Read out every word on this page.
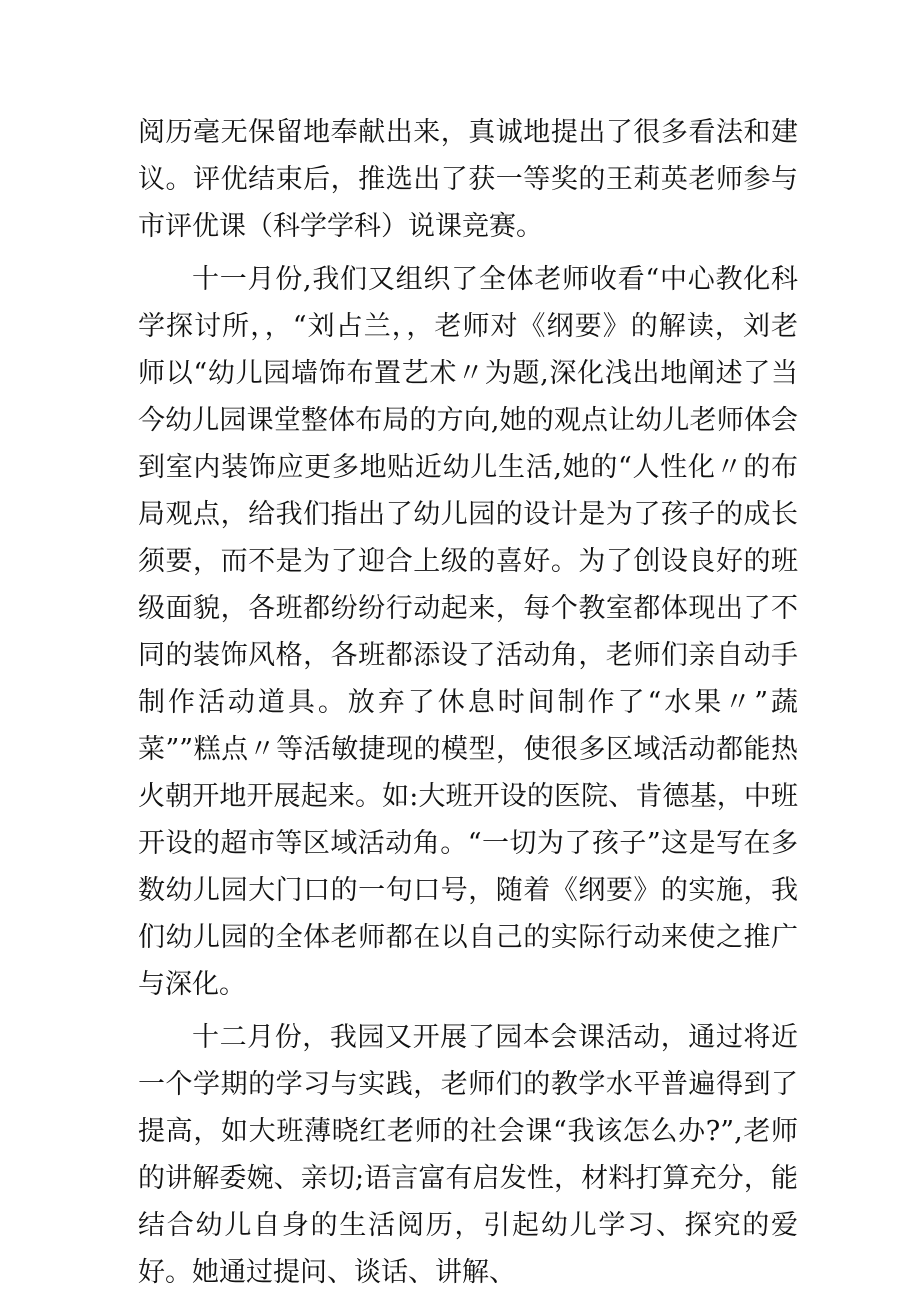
阅历毫无保留地奉献出来，真诚地提出了很多看法和建议。评优结束后，推选出了获一等奖的王莉英老师参与市评优课（科学学科）说课竞赛。

十一月份,我们又组织了全体老师收看“中心教化科学探讨所，，“刘占兰，，老师对《纲要》的解读，刘老师以“幼儿园墙饰布置艺术〃为题,深化浅出地阐述了当今幼儿园课堂整体布局的方向,她的观点让幼儿老师体会到室内装饰应更多地贴近幼儿生活,她的“人性化〃的布局观点，给我们指出了幼儿园的设计是为了孩子的成长须要，而不是为了迎合上级的喜好。为了创设良好的班级面貌，各班都纷纷行动起来，每个教室都体现出了不同的装饰风格，各班都添设了活动角，老师们亲自动手制作活动道具。放弃了休息时间制作了“水果〃”蔬菜””糕点〃等活敏捷现的模型，使很多区域活动都能热火朝开地开展起来。如:大班开设的医院、肯德基，中班开设的超市等区域活动角。“一切为了孩子”这是写在多数幼儿园大门口的一句口号，随着《纲要》的实施，我们幼儿园的全体老师都在以自己的实际行动来使之推广与深化。

十二月份，我园又开展了园本会课活动，通过将近一个学期的学习与实践，老师们的教学水平普遍得到了提高，如大班薄晓红老师的社会课“我该怎么办?”,老师的讲解委婉、亲切;语言富有启发性，材料打算充分，能结合幼儿自身的生活阅历，引起幼儿学习、探究的爱好。她通过提问、谈话、讲解、
